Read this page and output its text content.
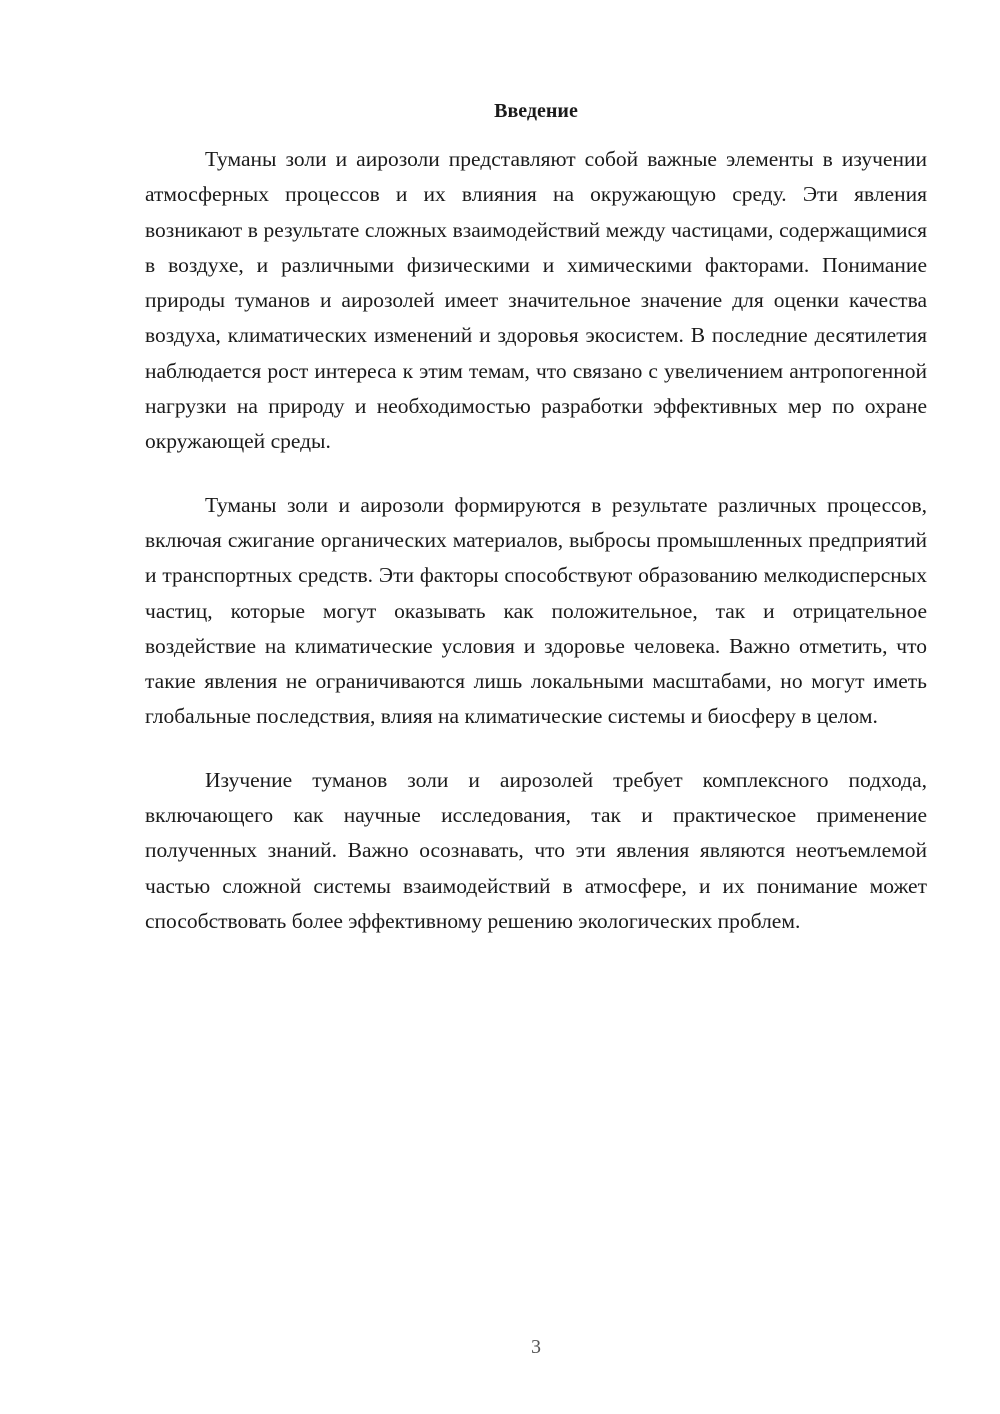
Введение

Туманы золи и аирозоли представляют собой важные элементы в изучении атмосферных процессов и их влияния на окружающую среду. Эти явления возникают в результате сложных взаимодействий между частицами, содержащимися в воздухе, и различными физическими и химическими факторами. Понимание природы туманов и аирозолей имеет значительное значение для оценки качества воздуха, климатических изменений и здоровья экосистем. В последние десятилетия наблюдается рост интереса к этим темам, что связано с увеличением антропогенной нагрузки на природу и необходимостью разработки эффективных мер по охране окружающей среды.

Туманы золи и аирозоли формируются в результате различных процессов, включая сжигание органических материалов, выбросы промышленных предприятий и транспортных средств. Эти факторы способствуют образованию мелкодисперсных частиц, которые могут оказывать как положительное, так и отрицательное воздействие на климатические условия и здоровье человека. Важно отметить, что такие явления не ограничиваются лишь локальными масштабами, но могут иметь глобальные последствия, влияя на климатические системы и биосферу в целом.

Изучение туманов золи и аирозолей требует комплексного подхода, включающего как научные исследования, так и практическое применение полученных знаний. Важно осознавать, что эти явления являются неотъемлемой частью сложной системы взаимодействий в атмосфере, и их понимание может способствовать более эффективному решению экологических проблем.

3
